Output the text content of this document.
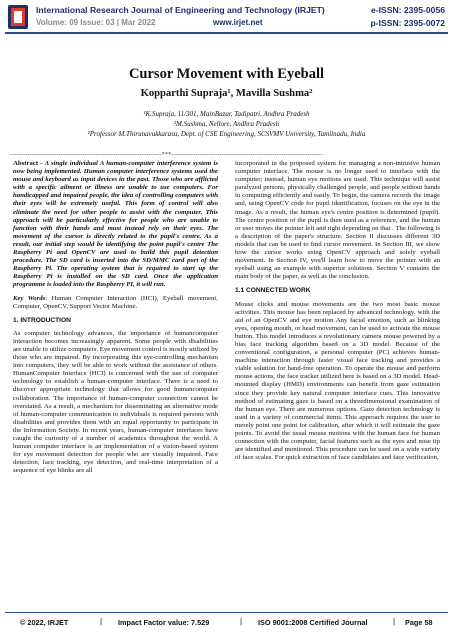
International Research Journal of Engineering and Technology (IRJET)
Volume: 09 Issue: 03 | Mar 2022	www.irjet.net
e-ISSN: 2395-0056
p-ISSN: 2395-0072
Cursor Movement with Eyeball
Kopparthi Supraja¹, Mavilla Sushma²
¹K.Supraja, 11/301, MainBazar, Tadipatri, Andhra Pradesh
²M.Sushma, Nellore, Andhra Pradesh
²Professor M.Thirunavukkarasu, Dept. of CSE Engineering, SCSVMV University, Tamilnadu, India
---------------------------------------------------------------------***---------------------------------------------------------------------

Abstract - A single individual A human-computer interference system is now being implemented. Human computer interference systems used the mouse and keyboard as input devices in the past. Those who are afflicted with a specific ailment or illness are unable to use computers. For handicapped and impaired people, the idea of controlling computers with their eyes will be extremely useful. This form of control will also eliminate the need for other people to assist with the computer. This approach will be particularly effective for people who are unable to function with their hands and must instead rely on their eyes. The movement of the cursor is directly related to the pupil's centre. As a result, our initial step would be identifying the point pupil's centre The Raspberry Pi and OpenCV are used to build this pupil detection procedure. The SD card is inserted into the SD/MMC card port of the Raspberry Pi. The operating system that is required to start up the Raspberry Pi is installed on the SD card. Once the application programme is loaded into the Raspberry PI, it will run.

Key Words: Human Computer Interaction (HCI), Eyeball movement, Computer, OpenCV, Support Vector Machine.

1. INTRODUCTION

As computer technology advances, the importance of humancomputer interaction becomes increasingly apparent. Some people with disabilities are unable to utilize computers. Eye movement control is mostly utilized by those who are impaired. By incorporating this eye-controlling mechanism into computers, they will be able to work without the assistance of others. HumanComputer Interface (HCI) is concerned with the use of computer technology to establish a human-computer interface. There is a need to discover appropriate technology that allows for good humancomputer collaboration. The importance of human-computer connection cannot be overstated. As a result, a mechanism for disseminating an alternative mode of human-computer communication to individuals is required persons with disabilities and provides them with an equal opportunity to participate in the Information Society. In recent years, human-computer interfaces have caught the curiosity of a number of academics throughout the world. A human computer interface is an implementation of a vision-based system for eye movement detection for people who are visually impaired. Face detection, face tracking, eye detection, and real-time interpretation of a sequence of eye blinks are all

incorporated in the proposed system for managing a non-intrusive human computer interface. The mouse is no longer used to interface with the computer; instead, human eye motions are used. This technique will assist paralyzed persons, physically challenged people, and people without hands in computing efficiently and easily. To begin, the camera records the image and, using OpenCV code for pupil identification, focuses on the eye in the image. As a result, the human eye's centre position is determined (pupil). The centre position of the pupil is then used as a reference, and the human or user moves the pointer left and right depending on that . The following is a description of the paper's structure. Section II discusses different 3D models that can be used to find cursor movement. In Section III, we show how the cursor works using OpenCV approach and solely eyeball movement. In Section IV, you'll learn how to move the pointer with an eyeball using an example with superior solutions. Section V contains the main body of the paper, as well as the conclusion.

1.1 CONNECTED WORK

Mouse clicks and mouse movements are the two most basic mouse activities. This mouse has been replaced by advanced technology. with the aid of an OpenCV and eye motion Any facial emotion, such as blinking eyes, opening mouth, or head movement, can be used to activate the mouse button. This model introduces a revolutionary camera mouse powered by a bias face tracking algorithm based on a 3D model. Because of the conventional configuration, a personal computer (PC) achieves human-machine interaction through faster visual face tracking and provides a viable solution for hand-free operation. To operate the mouse and perform mouse actions, the face tracker utilized here is based on a 3D model. Head-mounted display (HMD) environments can benefit from gaze estimation since they provide key natural computer interface cues. This innovative method of estimating gaze is based on a threedimensional examination of the human eye. There are numerous options. Gaze detection technology is used in a variety of commercial items. This approach requires the user to merely point one point for calibration, after which it will estimate the gaze points. To avoid the usual mouse motions with the human face for human connection with the computer, facial features such as the eyes and nose tip are identified and monitored. This procedure can be used on a wide variety of face scales. For quick extraction of face candidates and face verification,

© 2022, IRJET	| Impact Factor value: 7.529	| ISO 9001:2008 Certified Journal	| Page 58
